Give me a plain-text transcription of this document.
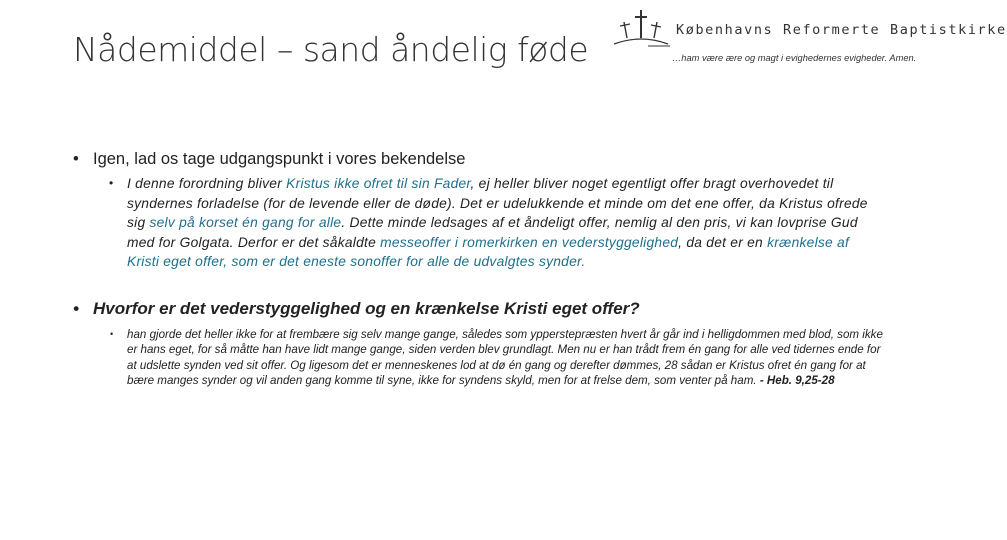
Nådemiddel – sand åndelig føde	Københavns Reformerte Baptistkirke
…ham være ære og magt i evighedernes evigheder. Amen.
• Igen, lad os tage udgangspunkt i vores bekendelse
• I denne forordning bliver Kristus ikke ofret til sin Fader, ej heller bliver noget egentligt offer bragt overhovedet til syndernes forladelse (for de levende eller de døde). Det er udelukkende et minde om det ene offer, da Kristus ofrede sig selv på korset én gang for alle. Dette minde ledsages af et åndeligt offer, nemlig al den pris, vi kan lovprise Gud med for Golgata. Derfor er det såkaldte messeoffer i romerkirken en vederstyggelighed, da det er en krænkelse af Kristi eget offer, som er det eneste sonoffer for alle de udvalgtes synder.

• Hvorfor er det vederstyggelighed og en krænkelse Kristi eget offer?
• han gjorde det heller ikke for at frembære sig selv mange gange, således som ypperstepræsten hvert år går ind i helligdommen med blod, som ikke er hans eget, for så måtte han have lidt mange gange, siden verden blev grundlagt. Men nu er han trådt frem én gang for alle ved tidernes ende for at udslette synden ved sit offer. Og ligesom det er menneskenes lod at dø én gang og derefter dømmes, 28 sådan er Kristus ofret én gang for at bære manges synder og vil anden gang komme til syne, ikke for syndens skyld, men for at frelse dem, som venter på ham. - Heb. 9,25-28
